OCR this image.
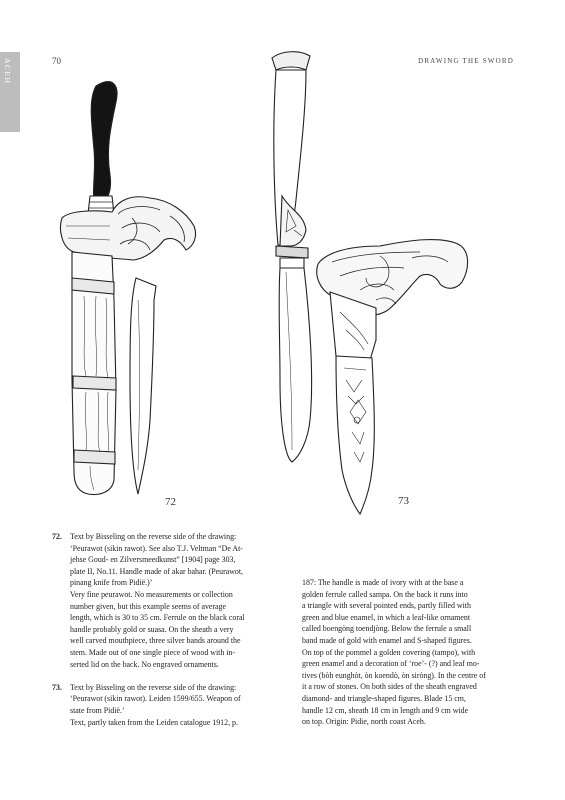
ACEH	70	DRAWING THE SWORD
72	73
72. Text by Bisseling on the reverse side of the drawing:

‘Peurawot (sikin rawot). See also T.J. Veltman “De At-

jehse Goud- en Zilversmeedkunst” [1904] page 303,

plate II, No.11. Handle made of akar bahar. (Peurawot,

pinang knife from Pidië.)’

Very fine peurawot. No measurements or collection

number given, but this example seems of average

length, which is 30 to 35 cm. Ferrule on the black coral

handle probably gold or suasa. On the sheath a very

well carved mouthpiece, three silver bands around the

stem. Made out of one single piece of wood with in-

serted lid on the back. No engraved ornaments.

73. Text by Bisseling on the reverse side of the drawing:

‘Peurawot (sikin rawot). Leiden 1599/655. Weapon of

state from Pidië.’

Text, partly taken from the Leiden catalogue 1912, p.

187: The handle is made of ivory with at the base a

golden ferrule called sampa. On the back it runs into

a triangle with several pointed ends, partly filled with

green and blue enamel, in which a leaf-like ornament

called boengòng toendjòng. Below the ferrule a small

band made of gold with enamel and S-shaped figures.

On top of the pommel a golden covering (tampo), with

green enamel and a decoration of ‘roe’- (?) and leaf mo-

tives (bòh eunghòt, òn koendò, òn siròng). In the centre of

it a row of stones. On both sides of the sheath engraved

diamond- and triangle-shaped figures. Blade 15 cm,

handle 12 cm, sheath 18 cm in length and 9 cm wide

on top. Origin: Pidie, north coast Aceh.
